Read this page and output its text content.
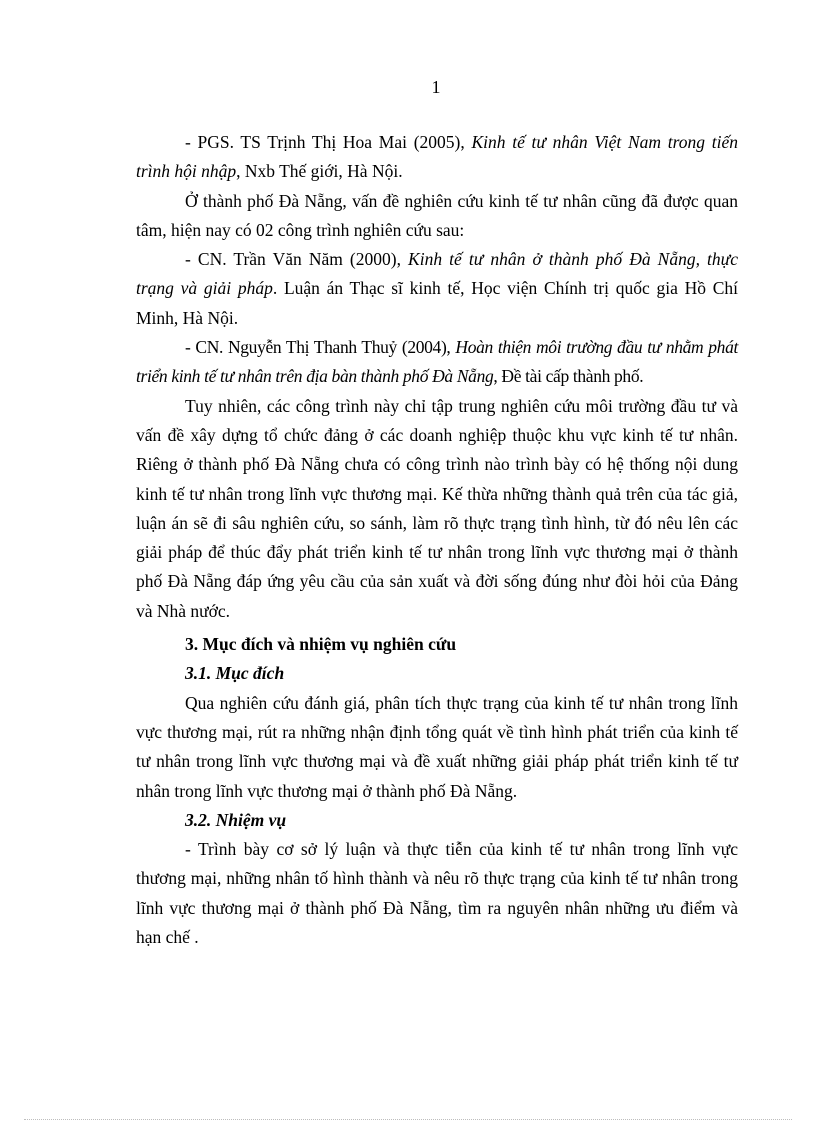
1

- PGS. TS Trịnh Thị Hoa Mai (2005), Kinh tế tư nhân Việt Nam trong tiến trình hội nhập, Nxb Thế giới, Hà Nội.

Ở thành phố Đà Nẵng, vấn đề nghiên cứu kinh tế tư nhân cũng đã được quan tâm, hiện nay có 02 công trình nghiên cứu sau:

- CN. Trần Văn Năm (2000), Kinh tế tư nhân ở thành phố Đà Nẵng, thực trạng và giải pháp. Luận án Thạc sĩ kinh tế, Học viện Chính trị quốc gia Hồ Chí Minh, Hà Nội.

- CN. Nguyễn Thị Thanh Thuỷ (2004), Hoàn thiện môi trường đầu tư nhằm phát triển kinh tế tư nhân trên địa bàn thành phố Đà Nẵng, Đề tài cấp thành phố.

Tuy nhiên, các công trình này chỉ tập trung nghiên cứu môi trường đầu tư và vấn đề xây dựng tổ chức đảng ở các doanh nghiệp thuộc khu vực kinh tế tư nhân. Riêng ở thành phố Đà Nẵng chưa có công trình nào trình bày có hệ thống nội dung kinh tế tư nhân trong lĩnh vực thương mại. Kế thừa những thành quả trên của tác giả, luận án sẽ đi sâu nghiên cứu, so sánh, làm rõ thực trạng tình hình, từ đó nêu lên các giải pháp để thúc đẩy phát triển kinh tế tư nhân trong lĩnh vực thương mại ở thành phố Đà Nẵng đáp ứng yêu cầu của sản xuất và đời sống đúng như đòi hỏi của Đảng và Nhà nước.

3. Mục đích và nhiệm vụ nghiên cứu

3.1. Mục đích

Qua nghiên cứu đánh giá, phân tích thực trạng của kinh tế tư nhân trong lĩnh vực thương mại, rút ra những nhận định tổng quát về tình hình phát triển của kinh tế tư nhân trong lĩnh vực thương mại và đề xuất những giải pháp phát triển kinh tế tư nhân trong lĩnh vực thương mại ở thành phố Đà Nẵng.

3.2. Nhiệm vụ

- Trình bày cơ sở lý luận và thực tiễn của kinh tế tư nhân trong lĩnh vực thương mại, những nhân tố hình thành và nêu rõ thực trạng của kinh tế tư nhân trong lĩnh vực thương mại ở thành phố Đà Nẵng, tìm ra nguyên nhân những ưu điểm và hạn chế .
